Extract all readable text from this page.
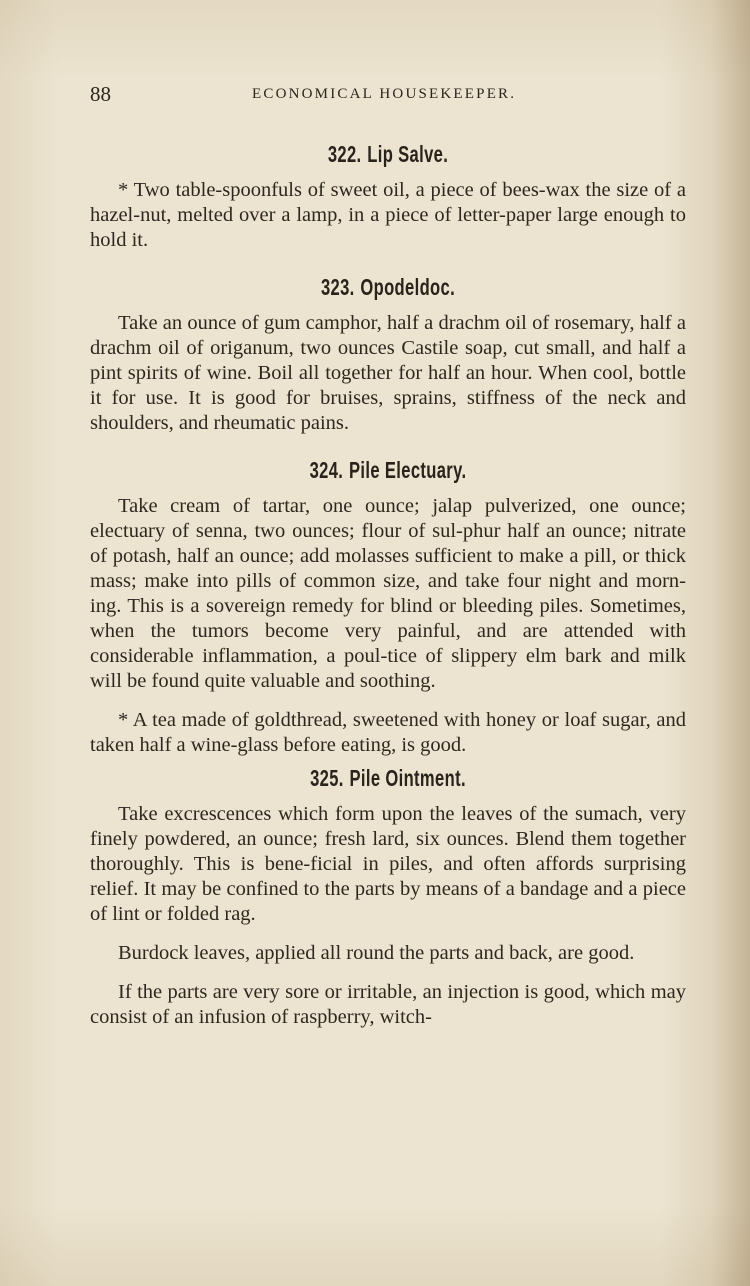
88	ECONOMICAL HOUSEKEEPER.
322. Lip Salve.

* Two table-spoonfuls of sweet oil, a piece of bees-wax the size of a hazel-nut, melted over a lamp, in a piece of letter-paper large enough to hold it.

323. Opodeldoc.

Take an ounce of gum camphor, half a drachm oil of rosemary, half a drachm oil of origanum, two ounces Castile soap, cut small, and half a pint spirits of wine. Boil all together for half an hour. When cool, bottle it for use. It is good for bruises, sprains, stiffness of the neck and shoulders, and rheumatic pains.

324. Pile Electuary.

Take cream of tartar, one ounce; jalap pulverized, one ounce; electuary of senna, two ounces; flour of sul-phur half an ounce; nitrate of potash, half an ounce; add molasses sufficient to make a pill, or thick mass; make into pills of common size, and take four night and morn-ing. This is a sovereign remedy for blind or bleeding piles. Sometimes, when the tumors become very painful, and are attended with considerable inflammation, a poul-tice of slippery elm bark and milk will be found quite valuable and soothing.

* A tea made of goldthread, sweetened with honey or loaf sugar, and taken half a wine-glass before eating, is good.

325. Pile Ointment.

Take excrescences which form upon the leaves of the sumach, very finely powdered, an ounce; fresh lard, six ounces. Blend them together thoroughly. This is bene-ficial in piles, and often affords surprising relief. It may be confined to the parts by means of a bandage and a piece of lint or folded rag.

Burdock leaves, applied all round the parts and back, are good.

If the parts are very sore or irritable, an injection is good, which may consist of an infusion of raspberry, witch-
